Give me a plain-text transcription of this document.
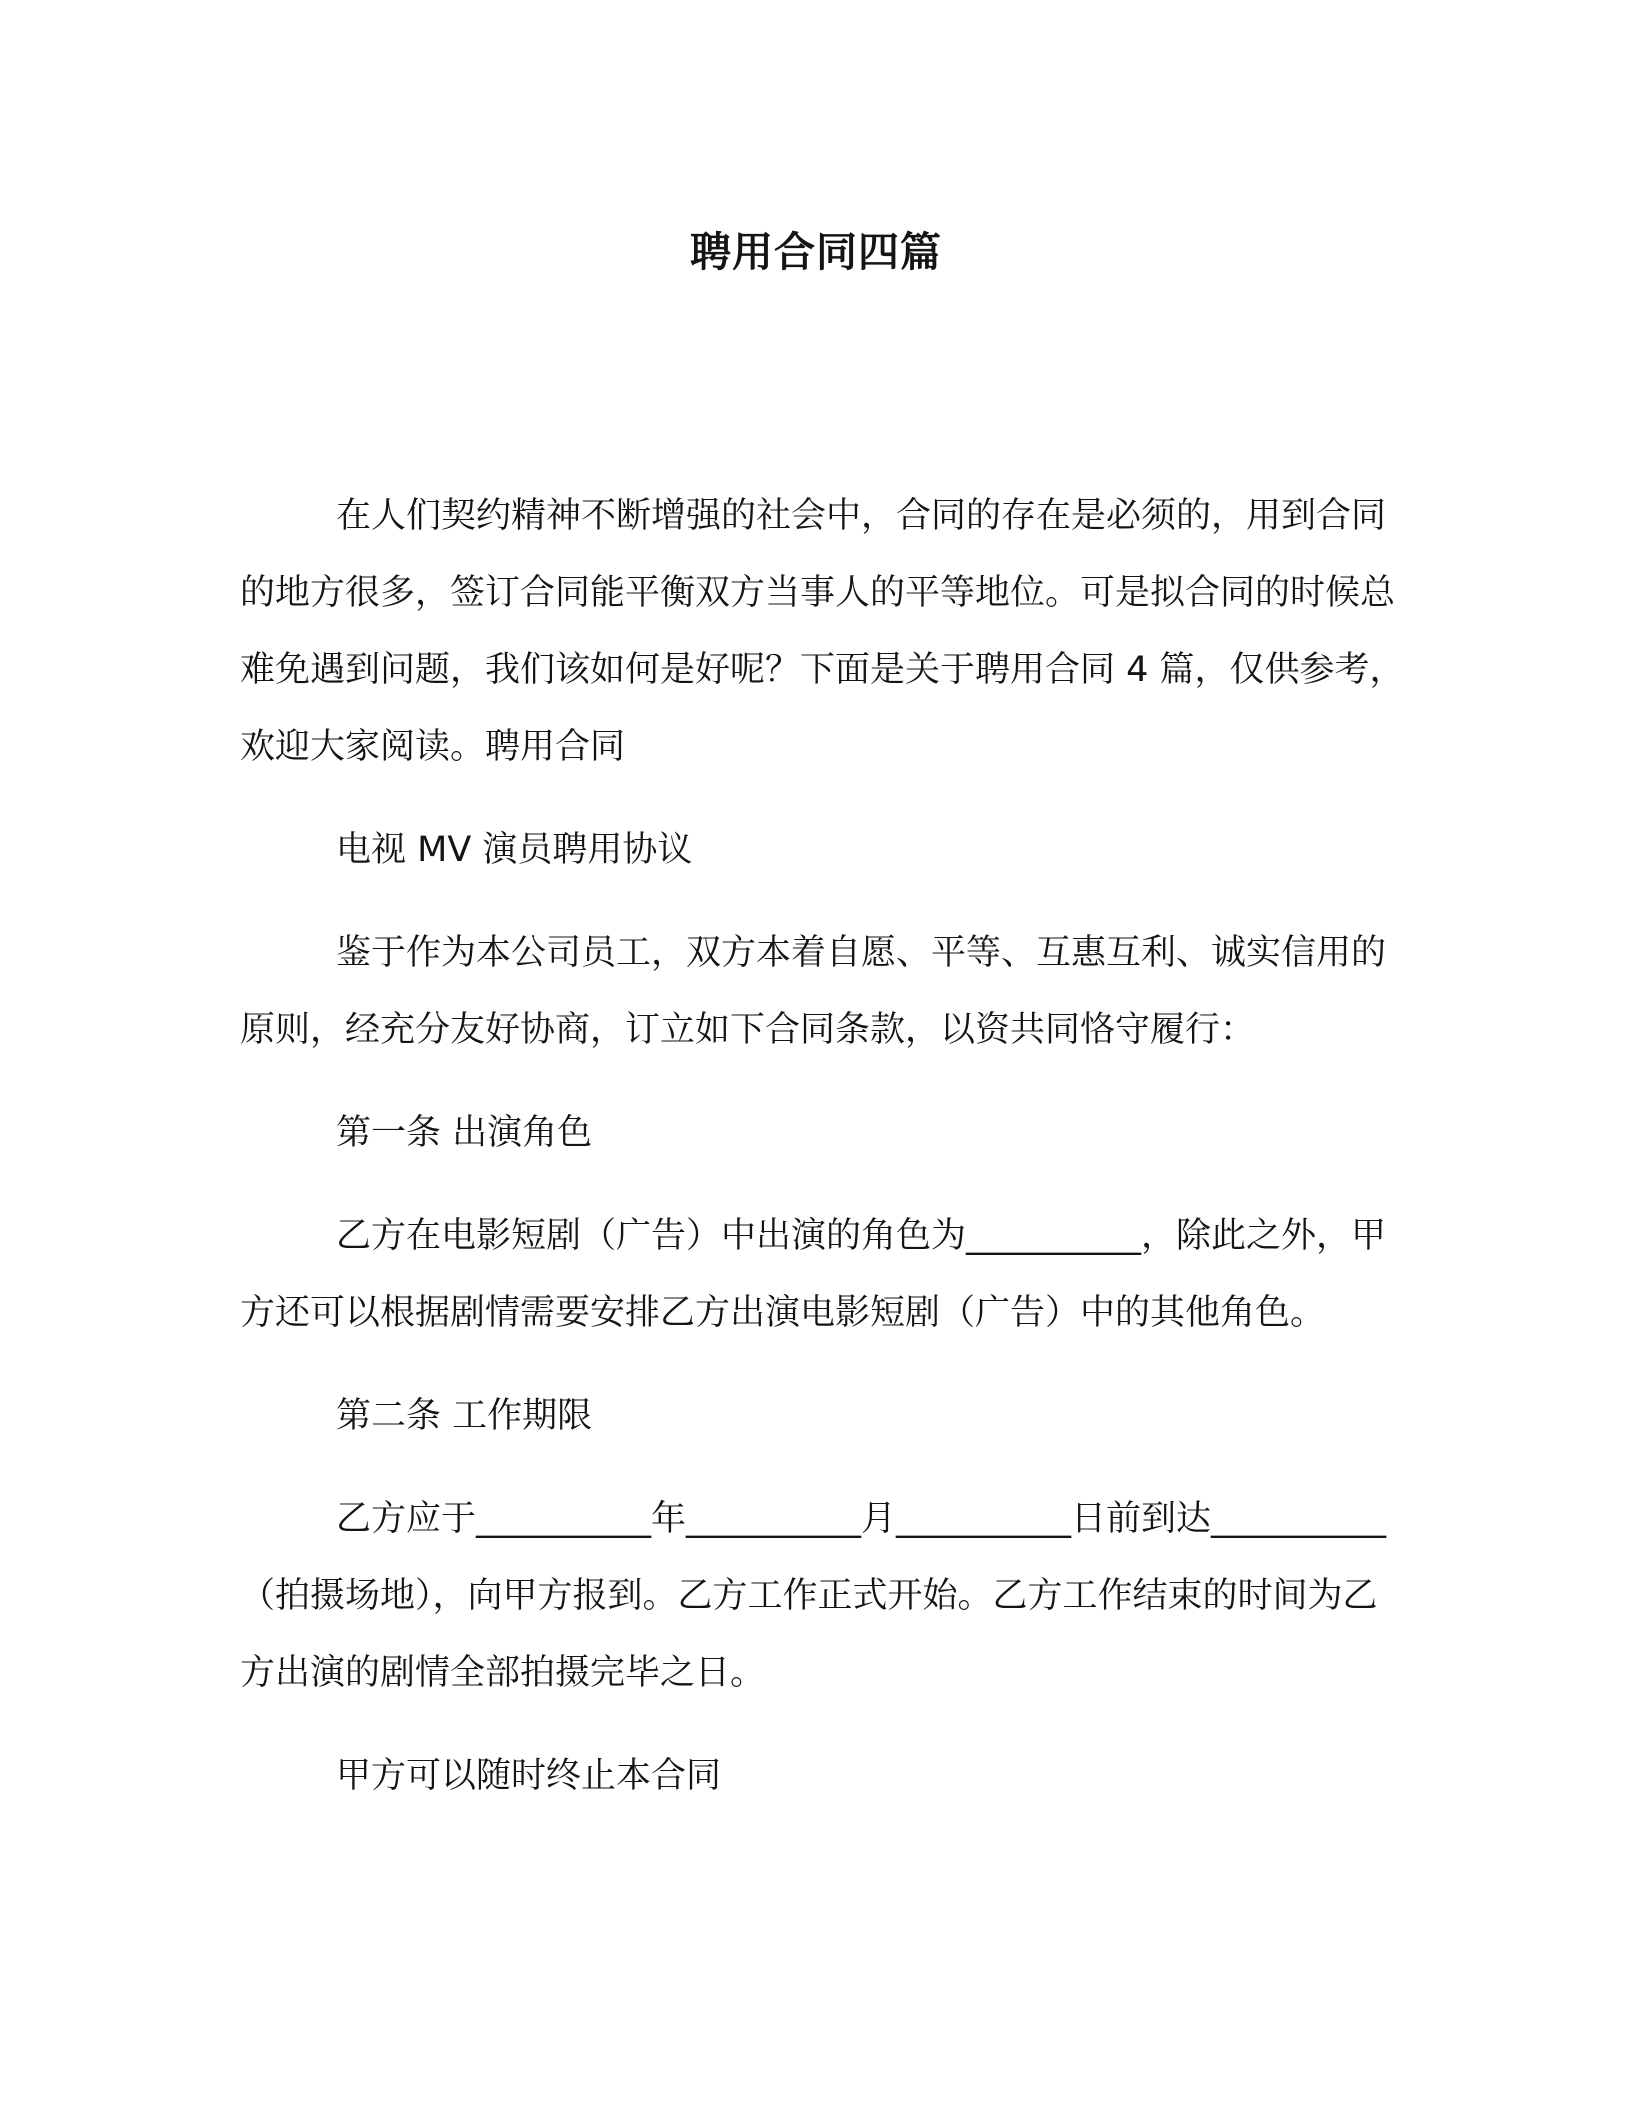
聘用合同四篇

在人们契约精神不断增强的社会中，合同的存在是必须的，用到合同的地方很多，签订合同能平衡双方当事人的平等地位。可是拟合同的时候总难免遇到问题，我们该如何是好呢？下面是关于聘用合同 4 篇，仅供参考，欢迎大家阅读。聘用合同

电视 MV 演员聘用协议

鉴于作为本公司员工，双方本着自愿、平等、互惠互利、诚实信用的原则，经充分友好协商，订立如下合同条款，以资共同恪守履行：

第一条 出演角色

乙方在电影短剧（广告）中出演的角色为__________，除此之外，甲方还可以根据剧情需要安排乙方出演电影短剧（广告）中的其他角色。

第二条 工作期限

乙方应于__________年__________月__________日前到达__________（拍摄场地），向甲方报到。乙方工作正式开始。乙方工作结束的时间为乙方出演的剧情全部拍摄完毕之日。

甲方可以随时终止本合同
